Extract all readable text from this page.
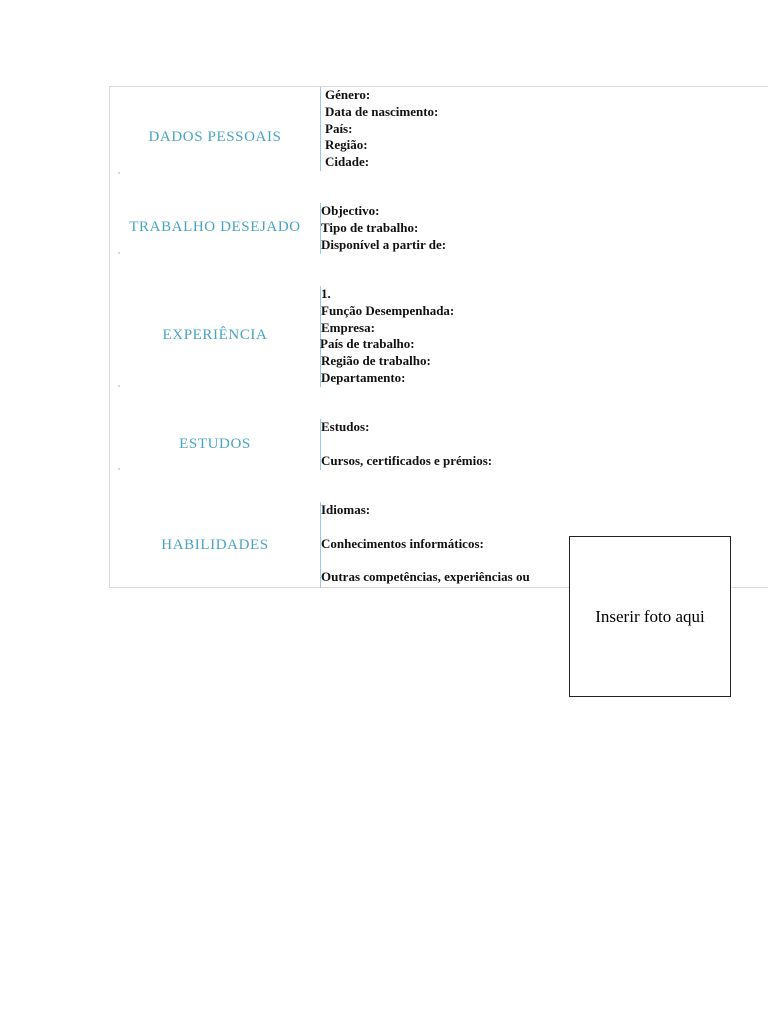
DADOS PESSOAIS
Género:
Data de nascimento:
País:
Região:
Cidade:
TRABALHO DESEJADO
Objectivo:
Tipo de trabalho:
Disponível a partir de:
EXPERIÊNCIA
1.
Função Desempenhada:
Empresa:
País de trabalho:
Região de trabalho:
Departamento:
ESTUDOS
Estudos:
Cursos, certificados e prémios:
HABILIDADES
Idiomas:
Conhecimentos informáticos:
Outras competências, experiências ou
Inserir foto aqui
